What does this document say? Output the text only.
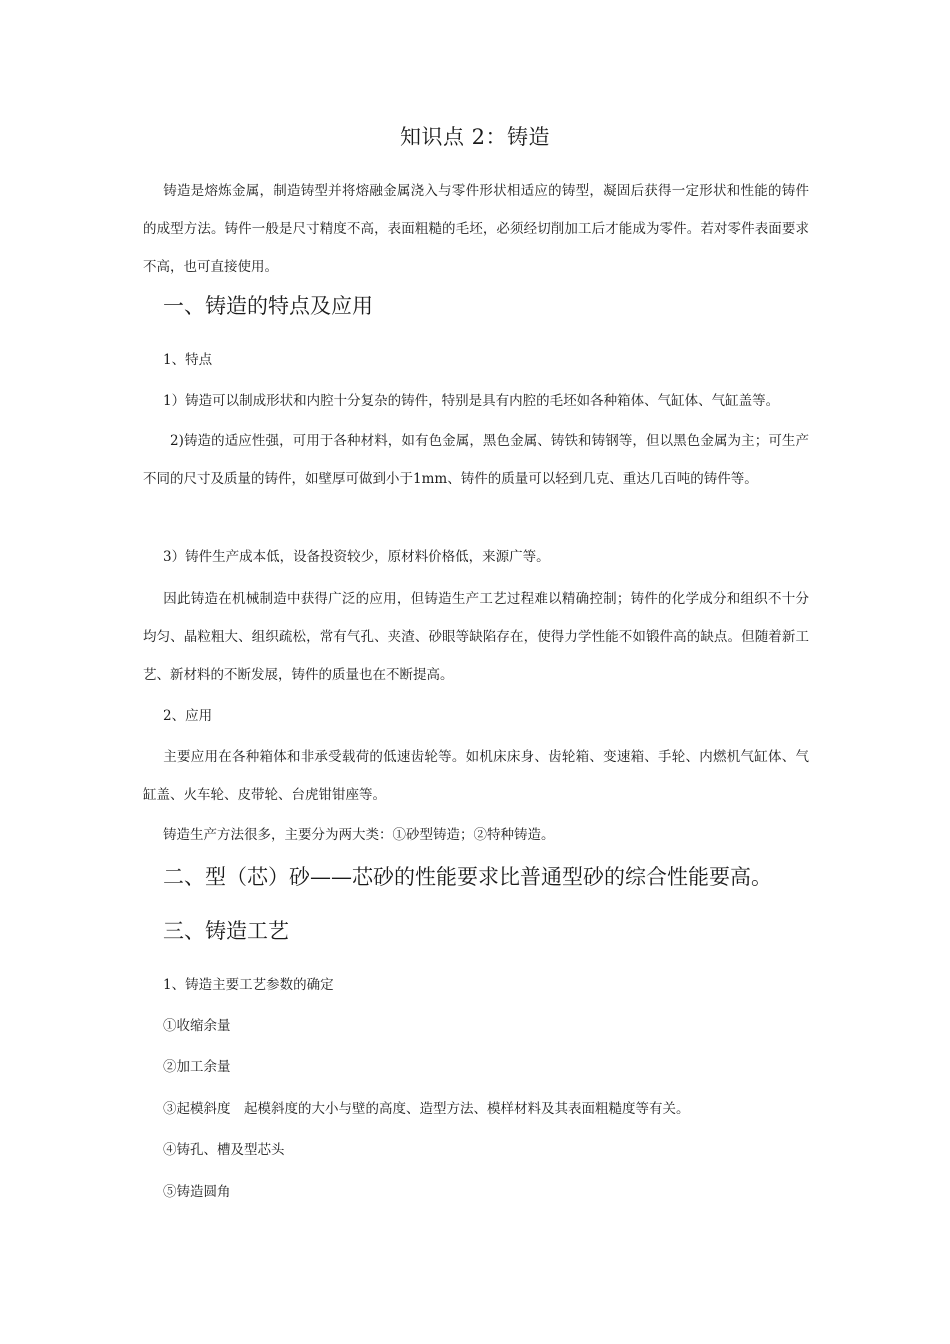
知识点 2：铸造
铸造是熔炼金属，制造铸型并将熔融金属浇入与零件形状相适应的铸型，凝固后获得一定形状和性能的铸件的成型方法。铸件一般是尺寸精度不高，表面粗糙的毛坯，必须经切削加工后才能成为零件。若对零件表面要求不高，也可直接使用。
一、铸造的特点及应用
1、特点
1）铸造可以制成形状和内腔十分复杂的铸件，特别是具有内腔的毛坯如各种箱体、气缸体、气缸盖等。
2)铸造的适应性强，可用于各种材料，如有色金属，黑色金属、铸铁和铸钢等，但以黑色金属为主；可生产不同的尺寸及质量的铸件，如壁厚可做到小于1mm、铸件的质量可以轻到几克、重达几百吨的铸件等。
3）铸件生产成本低，设备投资较少，原材料价格低，来源广等。
因此铸造在机械制造中获得广泛的应用，但铸造生产工艺过程难以精确控制；铸件的化学成分和组织不十分均匀、晶粒粗大、组织疏松，常有气孔、夹渣、砂眼等缺陷存在，使得力学性能不如锻件高的缺点。但随着新工艺、新材料的不断发展，铸件的质量也在不断提高。
2、应用
主要应用在各种箱体和非承受载荷的低速齿轮等。如机床床身、齿轮箱、变速箱、手轮、内燃机气缸体、气缸盖、火车轮、皮带轮、台虎钳钳座等。
铸造生产方法很多，主要分为两大类：①砂型铸造；②特种铸造。
二、型（芯）砂——芯砂的性能要求比普通型砂的综合性能要高。
三、铸造工艺
1、铸造主要工艺参数的确定
①收缩余量
②加工余量
③起模斜度　起模斜度的大小与壁的高度、造型方法、模样材料及其表面粗糙度等有关。
④铸孔、槽及型芯头
⑤铸造圆角
